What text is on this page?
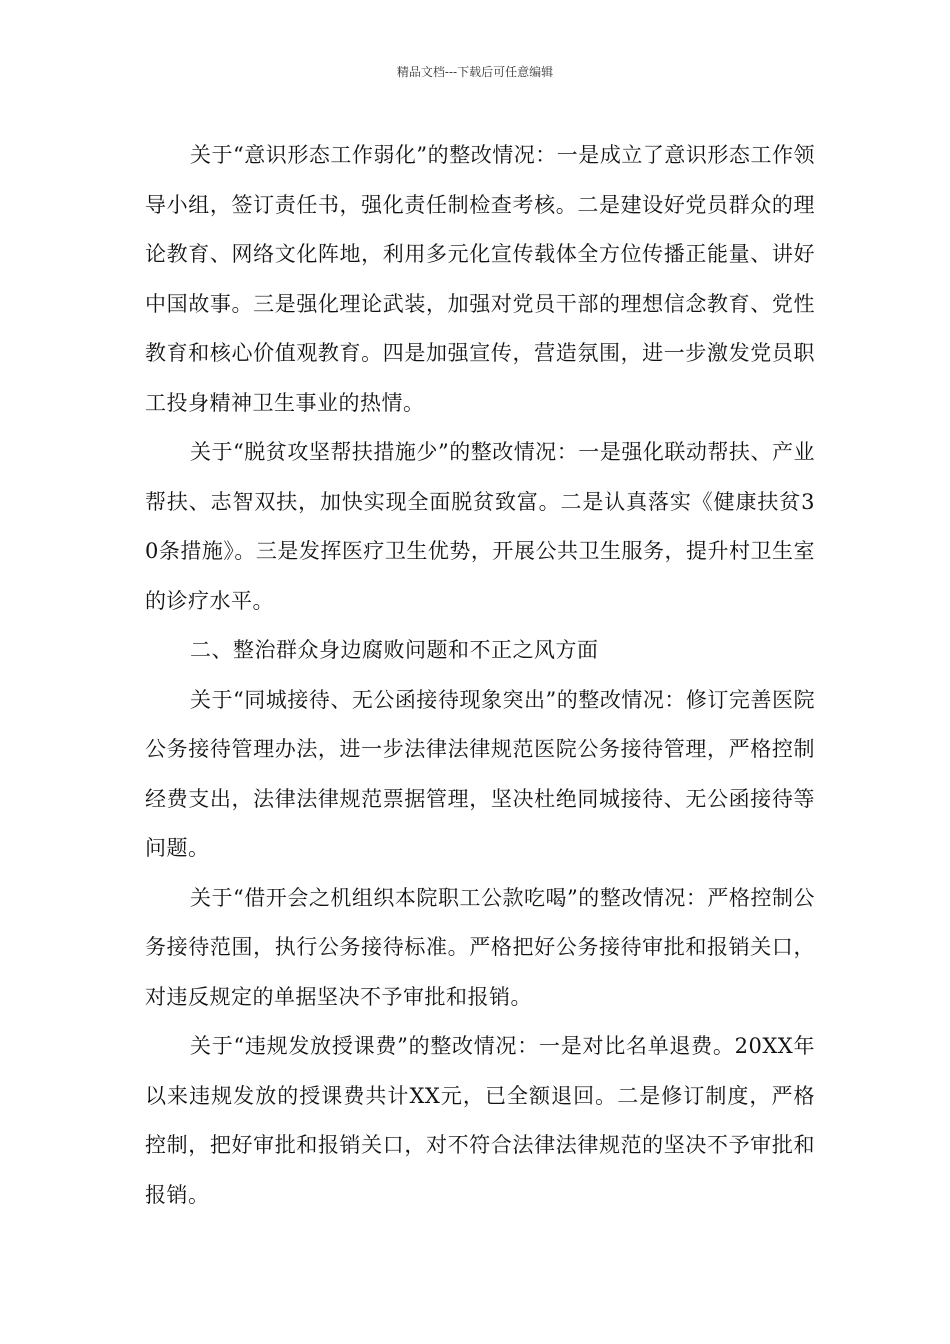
精品文档---下载后可任意编辑

关于“意识形态工作弱化”的整改情况：一是成立了意识形态工作领导小组，签订责任书，强化责任制检查考核。二是建设好党员群众的理论教育、网络文化阵地，利用多元化宣传载体全方位传播正能量、讲好中国故事。三是强化理论武装，加强对党员干部的理想信念教育、党性教育和核心价值观教育。四是加强宣传，营造氛围，进一步激发党员职工投身精神卫生事业的热情。

关于“脱贫攻坚帮扶措施少”的整改情况：一是强化联动帮扶、产业帮扶、志智双扶，加快实现全面脱贫致富。二是认真落实《健康扶贫30条措施》。三是发挥医疗卫生优势，开展公共卫生服务，提升村卫生室的诊疗水平。

二、整治群众身边腐败问题和不正之风方面

关于“同城接待、无公函接待现象突出”的整改情况：修订完善医院公务接待管理办法，进一步法律法律规范医院公务接待管理，严格控制经费支出，法律法律规范票据管理，坚决杜绝同城接待、无公函接待等问题。

关于“借开会之机组织本院职工公款吃喝”的整改情况：严格控制公务接待范围，执行公务接待标准。严格把好公务接待审批和报销关口，对违反规定的单据坚决不予审批和报销。

关于“违规发放授课费”的整改情况：一是对比名单退费。20XX年以来违规发放的授课费共计XX元，已全额退回。二是修订制度，严格控制，把好审批和报销关口，对不符合法律法律规范的坚决不予审批和报销。
